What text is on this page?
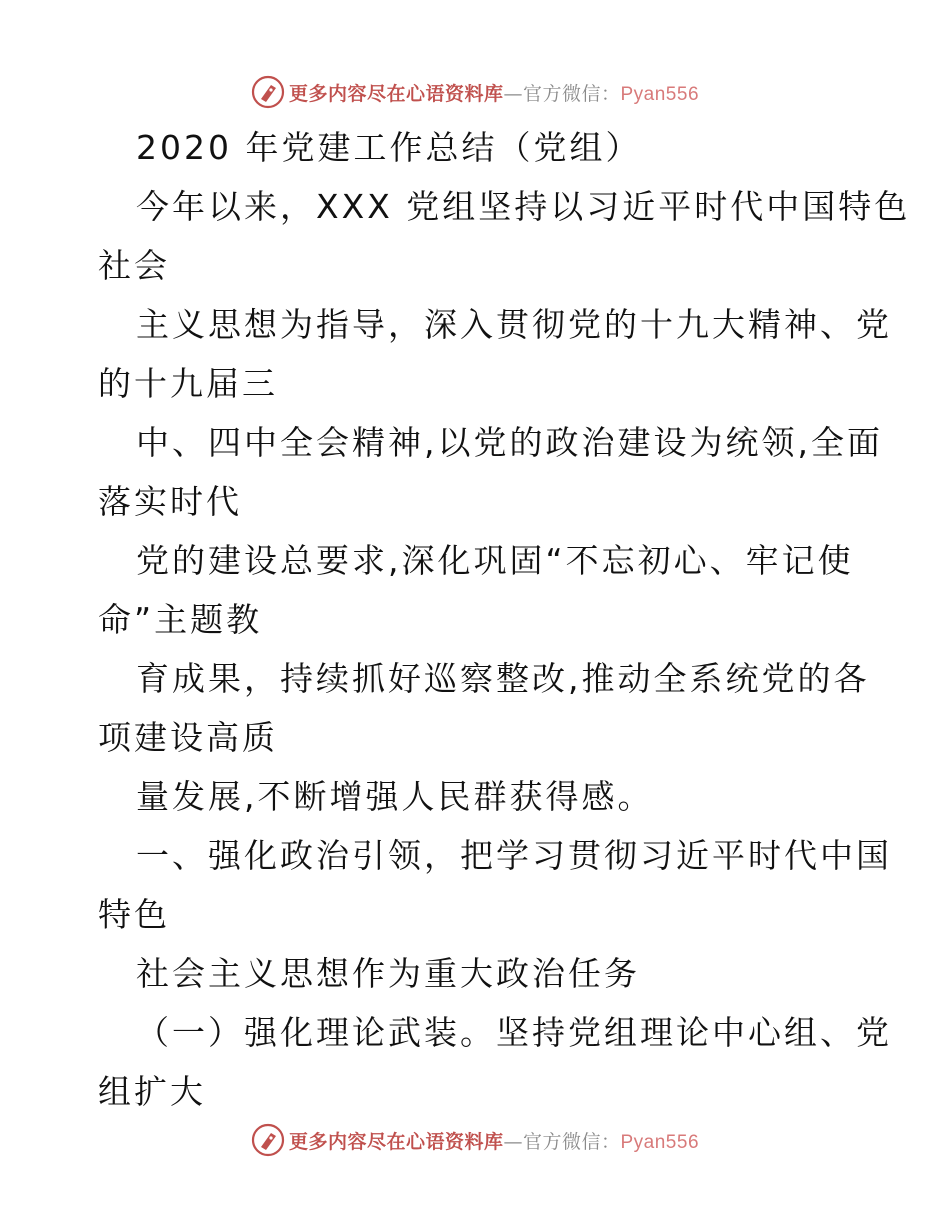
更多内容尽在心语资料库—官方微信：Pyan556
2020 年党建工作总结（党组）
今年以来，XXX 党组坚持以习近平时代中国特色
社会
主义思想为指导，深入贯彻党的十九大精神、党
的十九届三
中、四中全会精神,以党的政治建设为统领,全面
落实时代
党的建设总要求,深化巩固“不忘初心、牢记使
命”主题教
育成果，持续抓好巡察整改,推动全系统党的各
项建设高质
量发展,不断增强人民群获得感。
一、强化政治引领，把学习贯彻习近平时代中国
特色
社会主义思想作为重大政治任务
（一）强化理论武装。坚持党组理论中心组、党
组扩大
更多内容尽在心语资料库—官方微信：Pyan556
